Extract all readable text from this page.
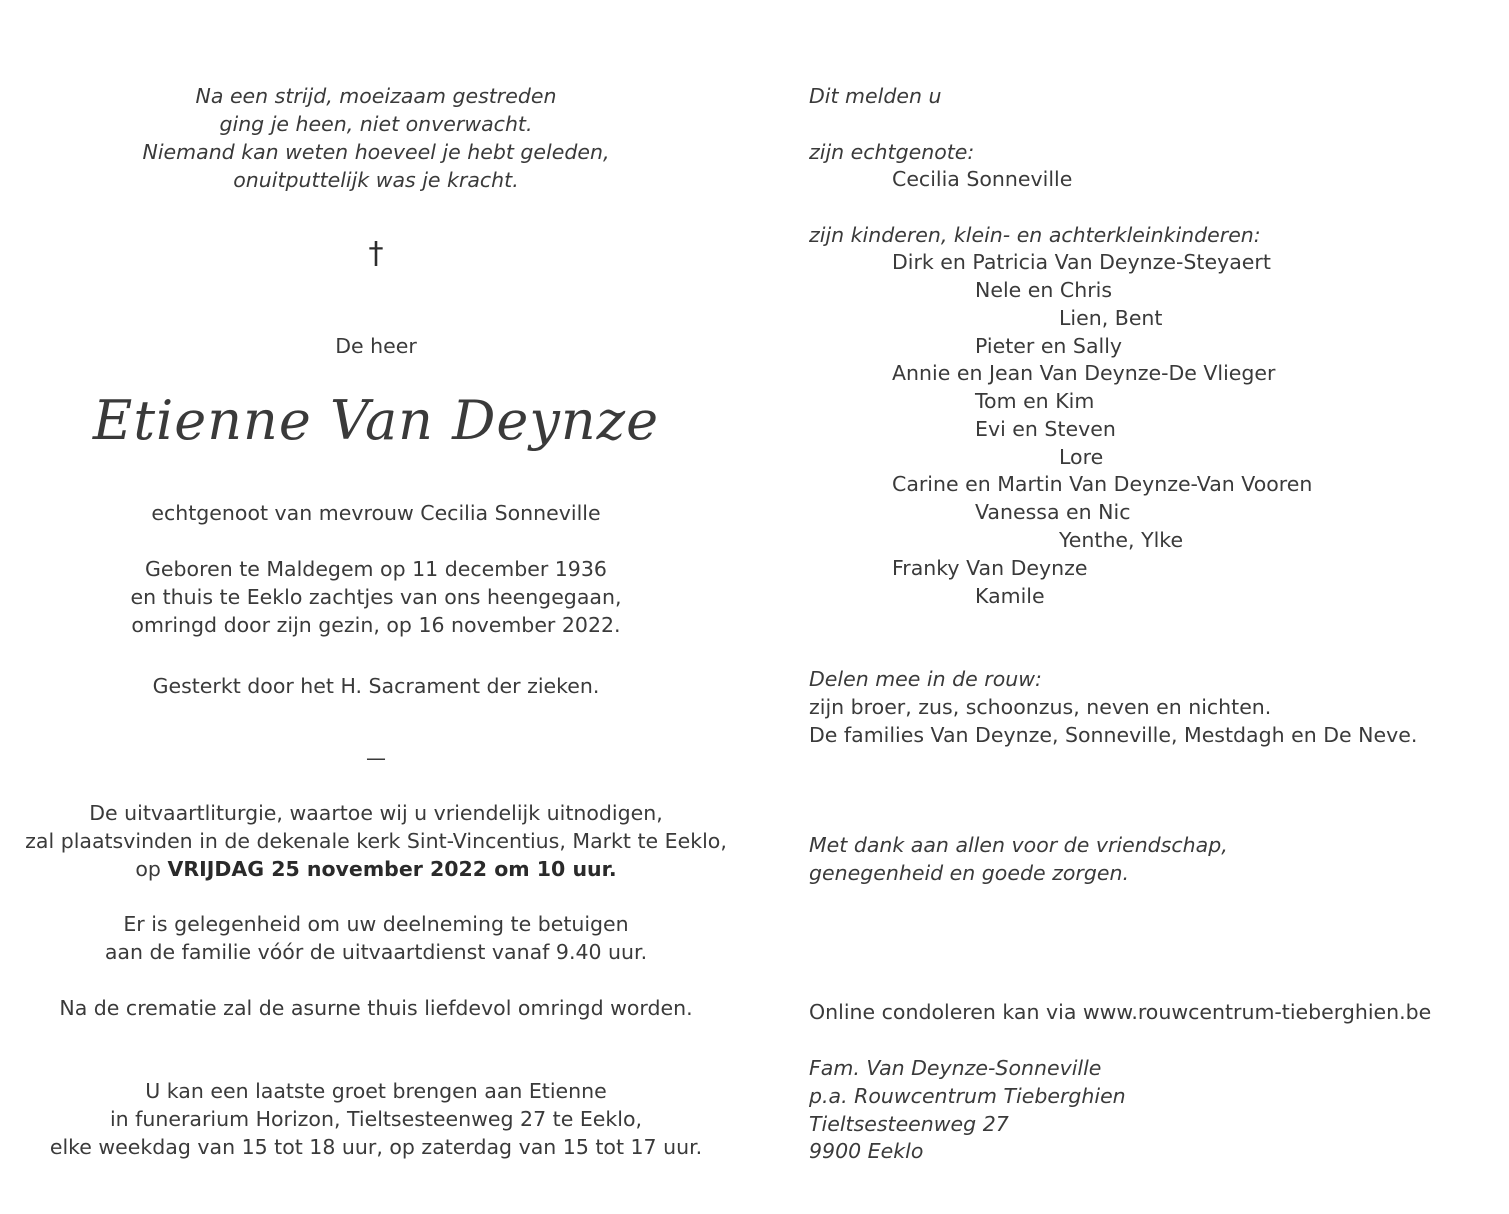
Na een strijd, moeizaam gestreden
ging je heen, niet onverwacht.
Niemand kan weten hoeveel je hebt geleden,
onuitputtelijk was je kracht.
†
De heer
Etienne Van Deynze
echtgenoot van mevrouw Cecilia Sonneville
Geboren te Maldegem op 11 december 1936
en thuis te Eeklo zachtjes van ons heengegaan,
omringd door zijn gezin, op 16 november 2022.
Gesterkt door het H. Sacrament der zieken.
—
De uitvaartliturgie, waartoe wij u vriendelijk uitnodigen,
zal plaatsvinden in de dekenale kerk Sint-Vincentius, Markt te Eeklo,
op VRIJDAG 25 november 2022 om 10 uur.
Er is gelegenheid om uw deelneming te betuigen
aan de familie vóór de uitvaartdienst vanaf 9.40 uur.
Na de crematie zal de asurne thuis liefdevol omringd worden.
U kan een laatste groet brengen aan Etienne
in funerarium Horizon, Tieltsesteenweg 27 te Eeklo,
elke weekdag van 15 tot 18 uur, op zaterdag van 15 tot 17 uur.
Dit melden u
zijn echtgenote:
Cecilia Sonneville
zijn kinderen, klein- en achterkleinkinderen:
Dirk en Patricia Van Deynze-Steyaert
Nele en Chris
Lien, Bent
Pieter en Sally
Annie en Jean Van Deynze-De Vlieger
Tom en Kim
Evi en Steven
Lore
Carine en Martin Van Deynze-Van Vooren
Vanessa en Nic
Yenthe, Ylke
Franky Van Deynze
Kamile
Delen mee in de rouw:
zijn broer, zus, schoonzus, neven en nichten.
De families Van Deynze, Sonneville, Mestdagh en De Neve.
Met dank aan allen voor de vriendschap,
genegenheid en goede zorgen.
Online condoleren kan via www.rouwcentrum-tieberghien.be
Fam. Van Deynze-Sonneville
p.a. Rouwcentrum Tieberghien
Tieltsesteenweg 27
9900 Eeklo
